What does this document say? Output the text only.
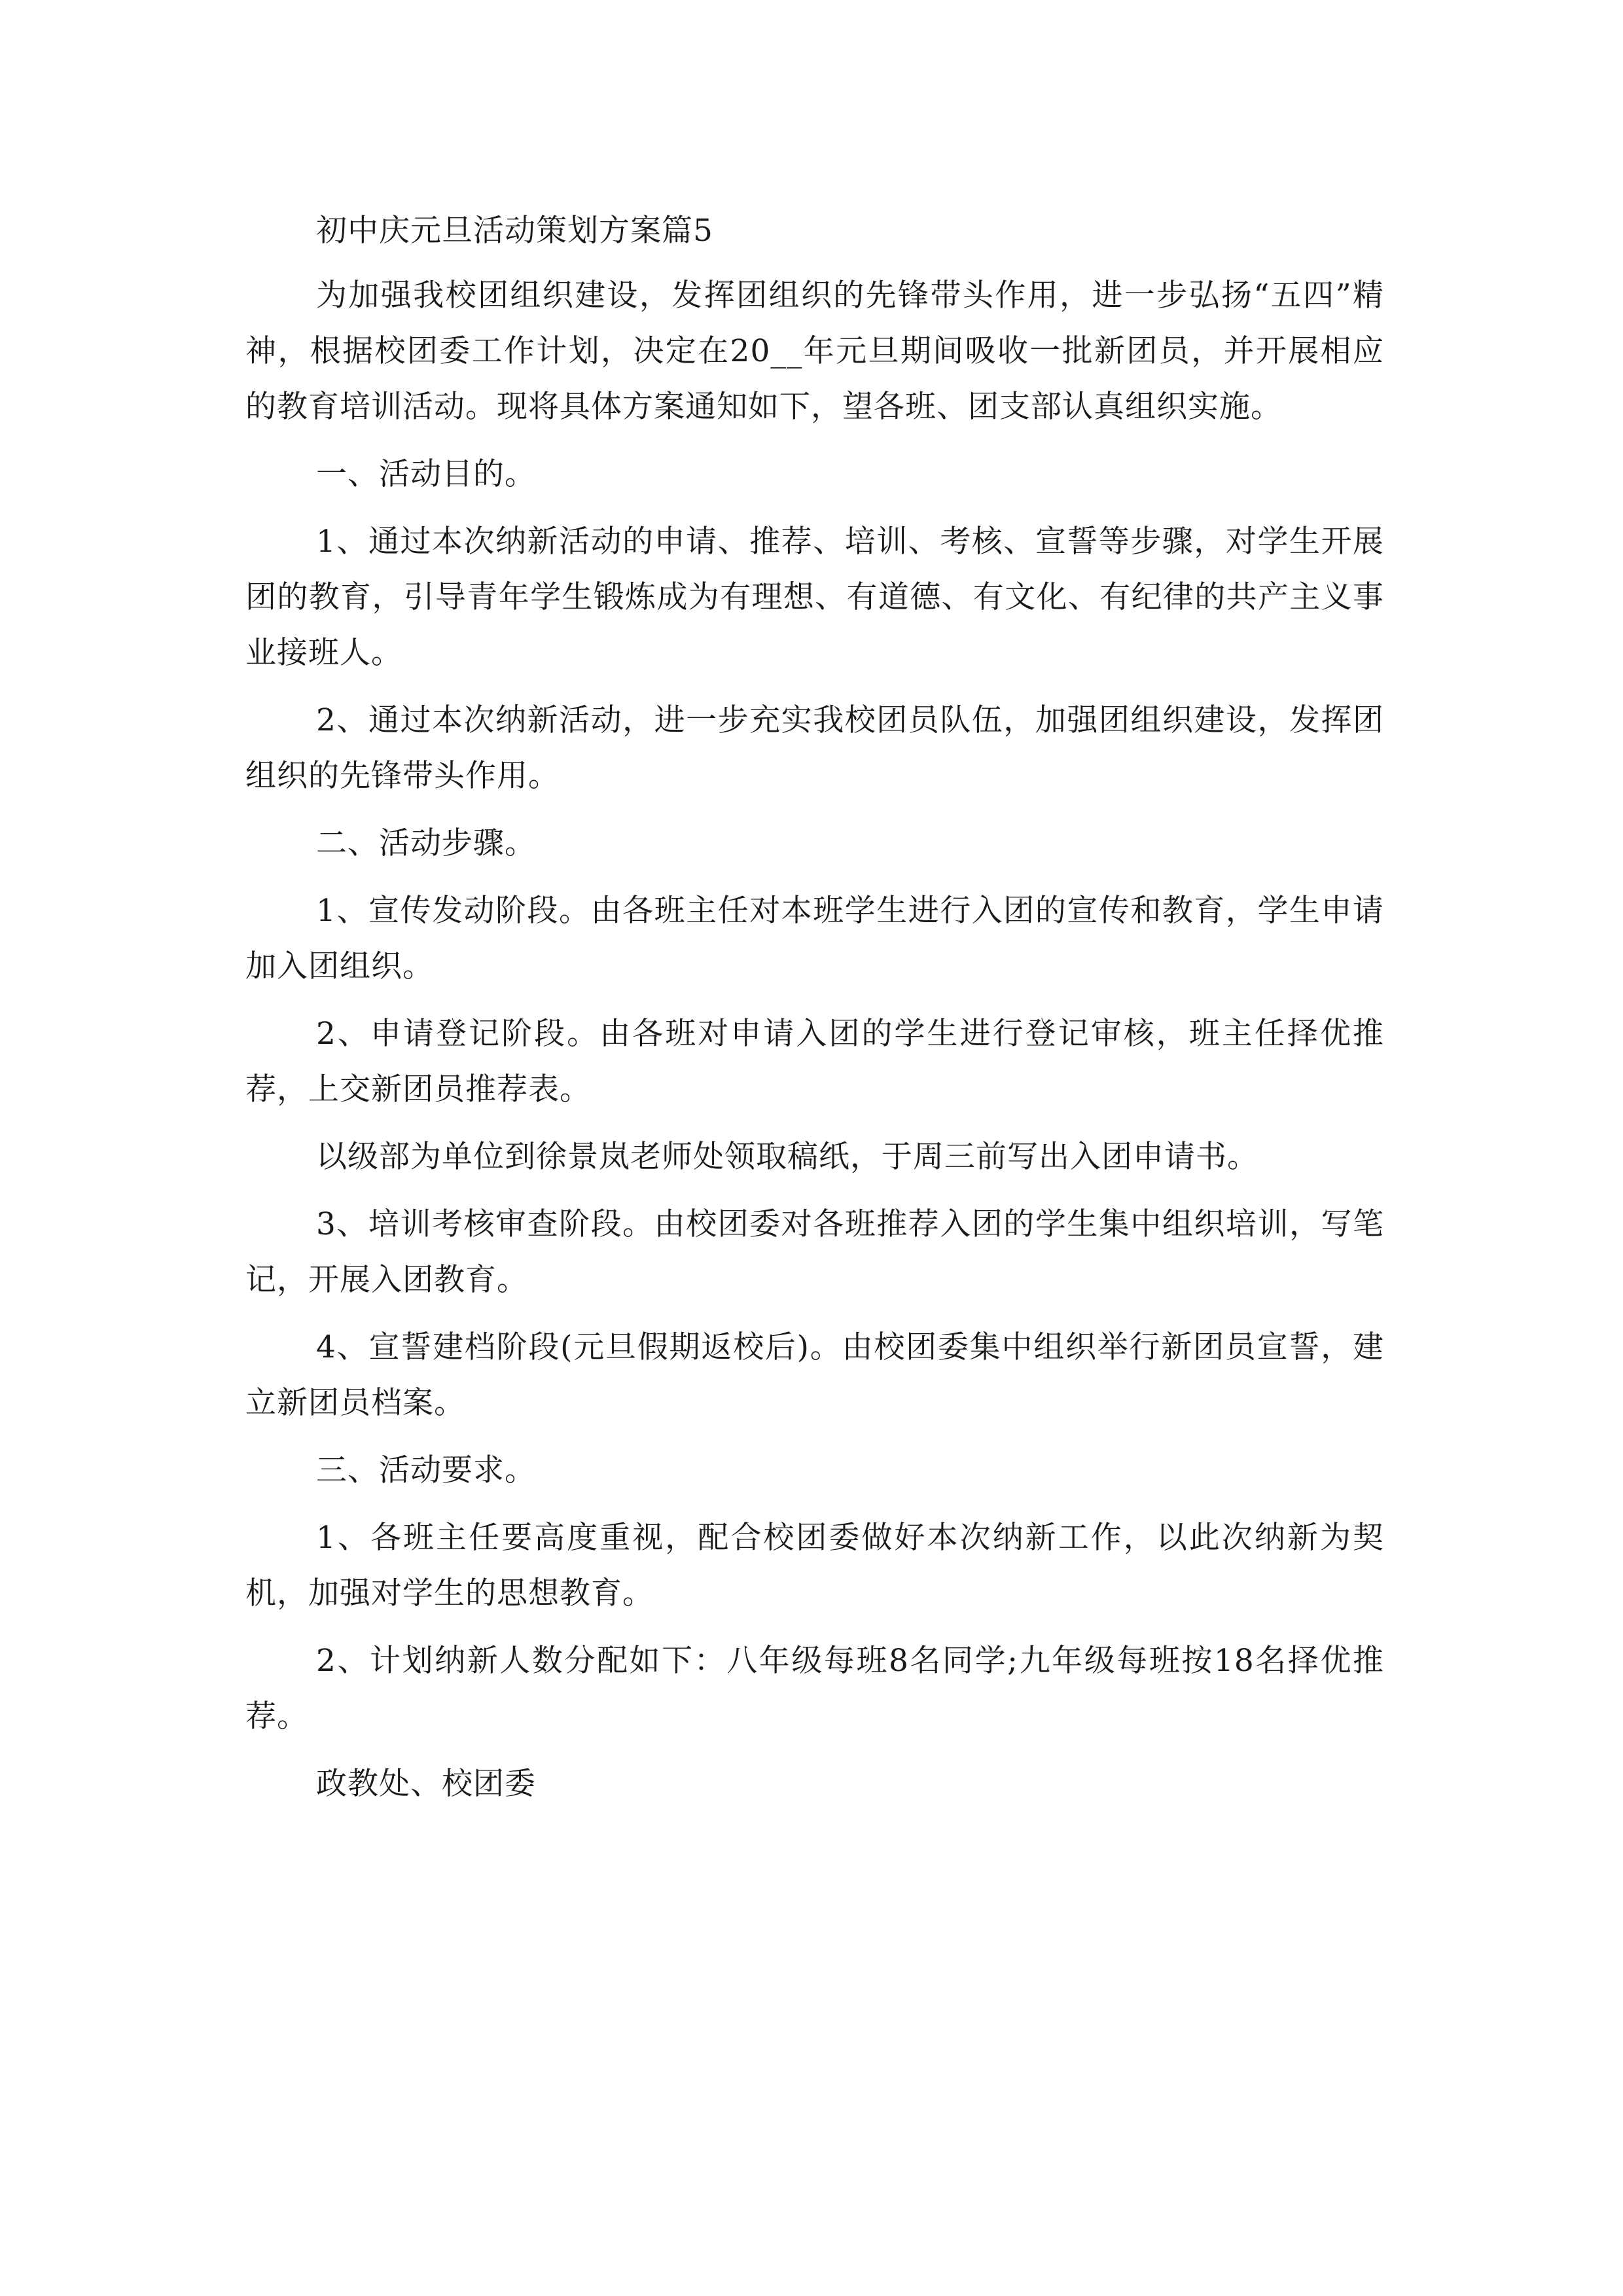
初中庆元旦活动策划方案篇5

为加强我校团组织建设，发挥团组织的先锋带头作用，进一步弘扬“五四”精神，根据校团委工作计划，决定在20__年元旦期间吸收一批新团员，并开展相应的教育培训活动。现将具体方案通知如下，望各班、团支部认真组织实施。

一、活动目的。

1、通过本次纳新活动的申请、推荐、培训、考核、宣誓等步骤，对学生开展团的教育，引导青年学生锻炼成为有理想、有道德、有文化、有纪律的共产主义事业接班人。

2、通过本次纳新活动，进一步充实我校团员队伍，加强团组织建设，发挥团组织的先锋带头作用。

二、活动步骤。

1、宣传发动阶段。由各班主任对本班学生进行入团的宣传和教育，学生申请加入团组织。

2、申请登记阶段。由各班对申请入团的学生进行登记审核，班主任择优推荐，上交新团员推荐表。

以级部为单位到徐景岚老师处领取稿纸，于周三前写出入团申请书。

3、培训考核审查阶段。由校团委对各班推荐入团的学生集中组织培训，写笔记，开展入团教育。

4、宣誓建档阶段(元旦假期返校后)。由校团委集中组织举行新团员宣誓，建立新团员档案。

三、活动要求。

1、各班主任要高度重视，配合校团委做好本次纳新工作，以此次纳新为契机，加强对学生的思想教育。

2、计划纳新人数分配如下：八年级每班8名同学;九年级每班按18名择优推荐。

政教处、校团委
